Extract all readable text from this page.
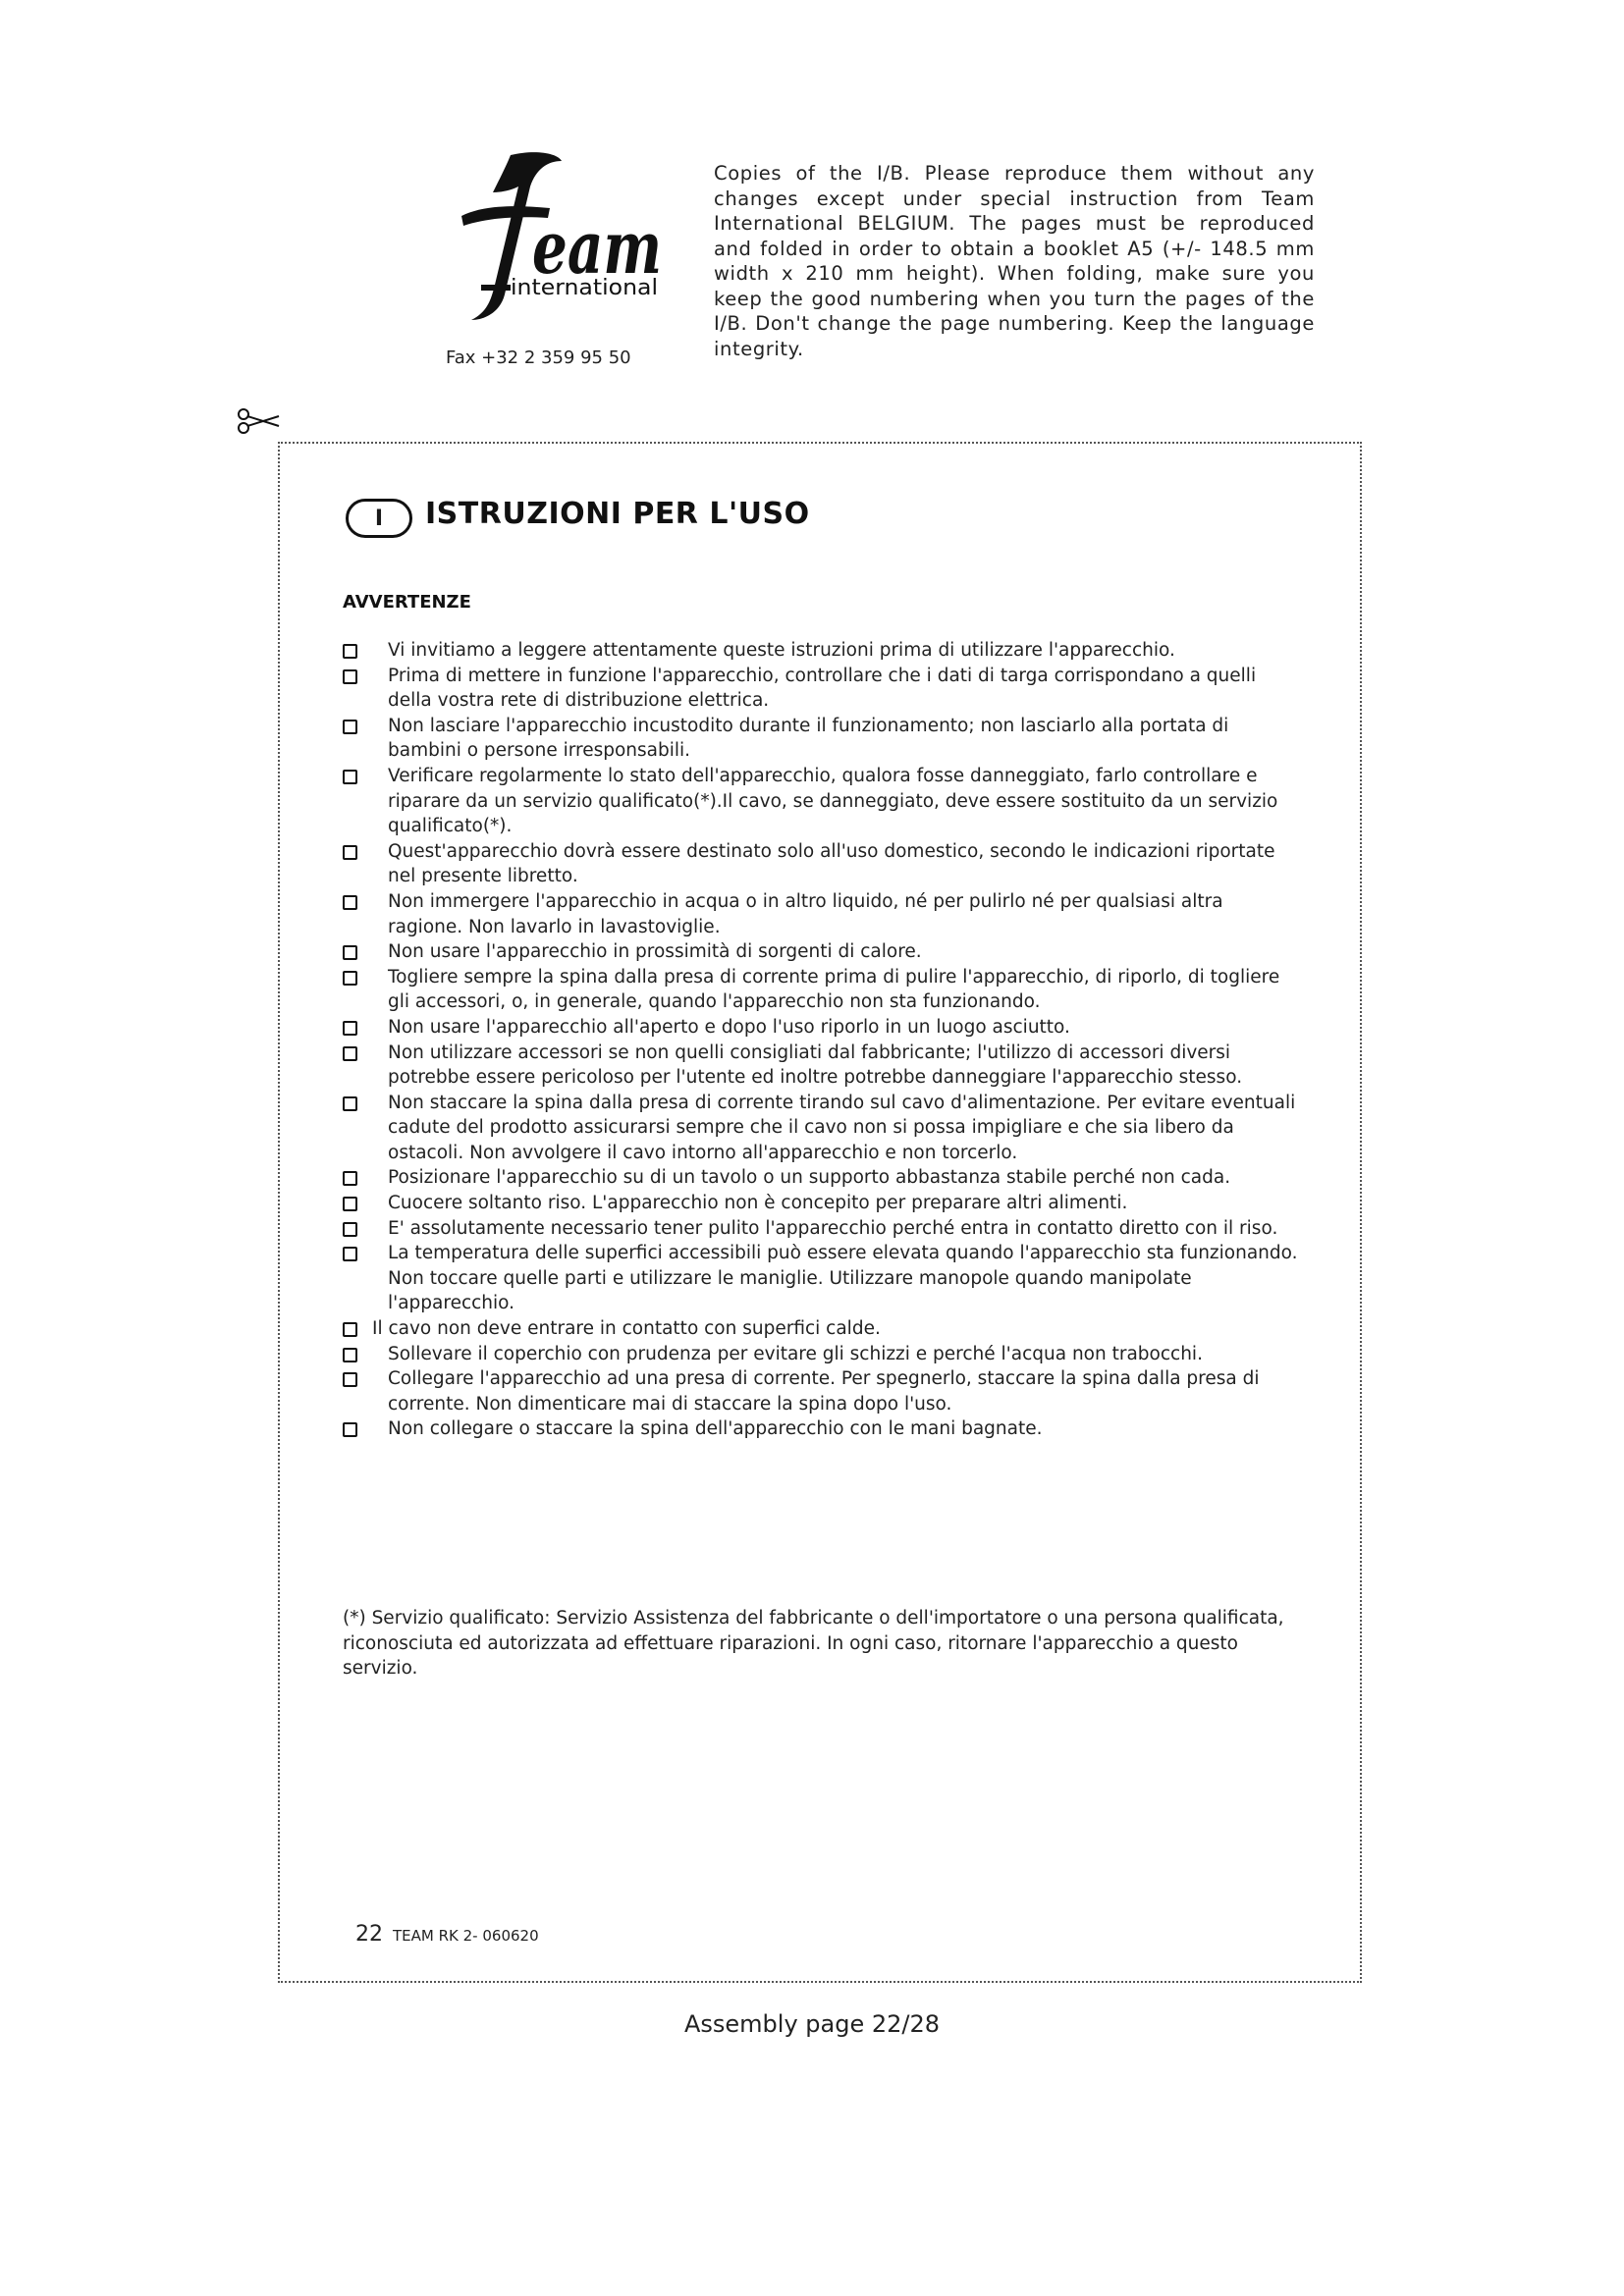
eam
international
Fax +32 2 359 95 50
Copies of the I/B. Please reproduce them without any changes except under special instruction from Team International BELGIUM. The pages must be reproduced and folded in order to obtain a booklet A5 (+/- 148.5 mm width x 210 mm height). When folding, make sure you keep the good numbering when you turn the pages of the I/B. Don't change the page numbering. Keep the language integrity.
I	ISTRUZIONI PER L'USO
AVVERTENZE
Vi invitiamo a leggere attentamente queste istruzioni prima di utilizzare l'apparecchio.
Prima di mettere in funzione l'apparecchio, controllare che i dati di targa corrispondano a quelli della vostra rete di distribuzione elettrica.
Non lasciare l'apparecchio incustodito durante il funzionamento; non lasciarlo alla portata di bambini o persone irresponsabili.
Verificare regolarmente lo stato dell'apparecchio, qualora fosse danneggiato, farlo controllare e riparare da un servizio qualificato(*).Il cavo, se danneggiato, deve essere sostituito da un servizio qualificato(*).
Quest'apparecchio dovrà essere destinato solo all'uso domestico, secondo le indicazioni riportate nel presente libretto.
Non immergere l'apparecchio in acqua o in altro liquido, né per pulirlo né per qualsiasi altra ragione. Non lavarlo in lavastoviglie.
Non usare l'apparecchio in prossimità di sorgenti di calore.
Togliere sempre la spina dalla presa di corrente prima di pulire l'apparecchio, di riporlo, di togliere gli accessori, o, in generale, quando l'apparecchio non sta funzionando.
Non usare l'apparecchio all'aperto e dopo l'uso riporlo in un luogo asciutto.
Non utilizzare accessori se non quelli consigliati dal fabbricante; l'utilizzo di accessori diversi potrebbe essere pericoloso per l'utente ed inoltre potrebbe danneggiare l'apparecchio stesso.
Non staccare la spina dalla presa di corrente tirando sul cavo d'alimentazione. Per evitare eventuali cadute del prodotto assicurarsi sempre che il cavo non si possa impigliare e che sia libero da ostacoli. Non avvolgere il cavo intorno all'apparecchio e non torcerlo.
Posizionare l'apparecchio su di un tavolo o un supporto abbastanza stabile perché non cada.
Cuocere soltanto riso. L'apparecchio non è concepito per preparare altri alimenti.
E' assolutamente necessario tener pulito l'apparecchio perché entra in contatto diretto con il riso.
La temperatura delle superfici accessibili può essere elevata quando l'apparecchio sta funzionando. Non toccare quelle parti e utilizzare le maniglie. Utilizzare manopole quando manipolate l'apparecchio.
Il cavo non deve entrare in contatto con superfici calde.
Sollevare il coperchio con prudenza per evitare gli schizzi e perché l'acqua non trabocchi.
Collegare l'apparecchio ad una presa di corrente. Per spegnerlo, staccare la spina dalla presa di corrente. Non dimenticare mai di staccare la spina dopo l'uso.
Non collegare o staccare la spina dell'apparecchio con le mani bagnate.
(*) Servizio qualificato: Servizio Assistenza del fabbricante o dell'importatore o una persona qualificata, riconosciuta ed autorizzata ad effettuare riparazioni. In ogni caso, ritornare l'apparecchio a questo servizio.
22 TEAM RK 2- 060620
Assembly page 22/28
